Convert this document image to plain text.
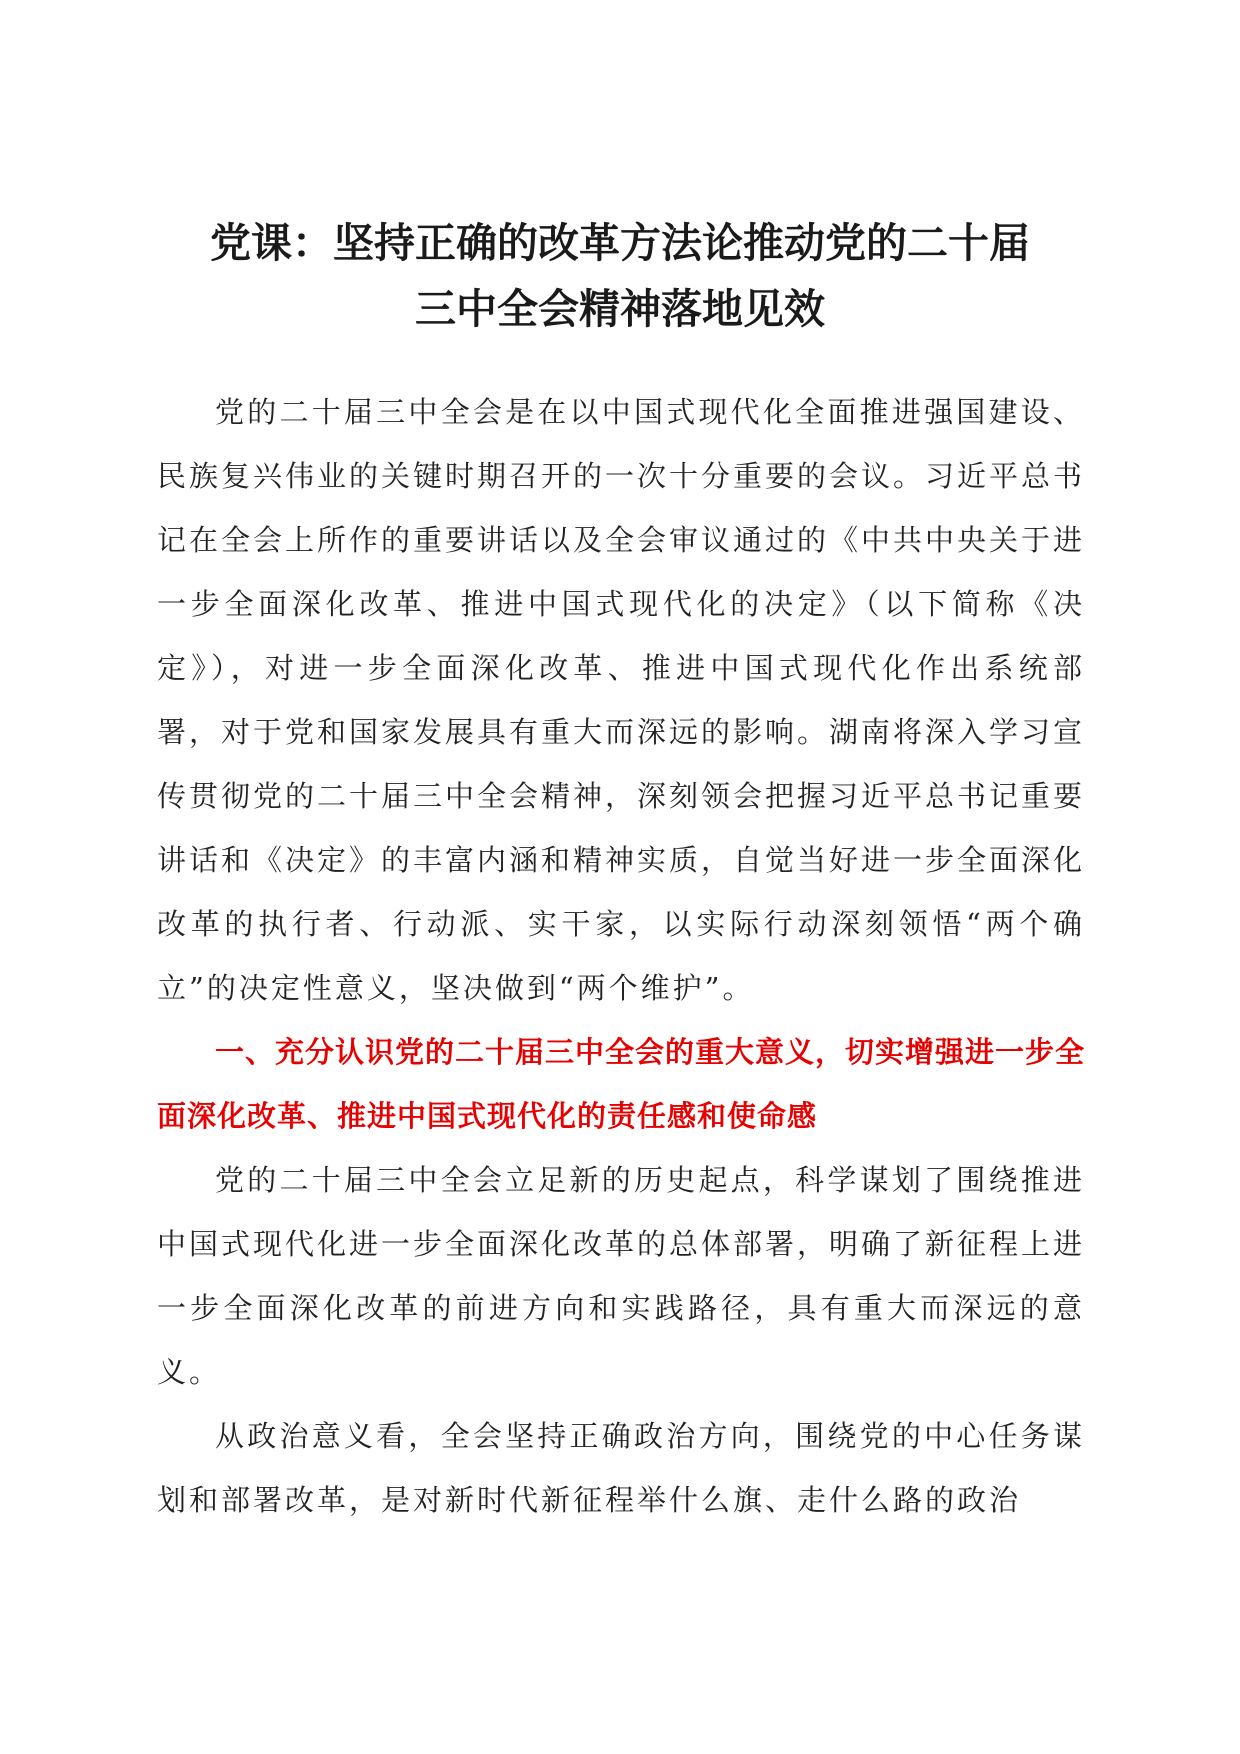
党课：坚持正确的改革方法论推动党的二十届
三中全会精神落地见效

党的二十届三中全会是在以中国式现代化全面推进强国建设、民族复兴伟业的关键时期召开的一次十分重要的会议。习近平总书记在全会上所作的重要讲话以及全会审议通过的《中共中央关于进一步全面深化改革、推进中国式现代化的决定》（以下简称《决定》），对进一步全面深化改革、推进中国式现代化作出系统部署，对于党和国家发展具有重大而深远的影响。湖南将深入学习宣传贯彻党的二十届三中全会精神，深刻领会把握习近平总书记重要讲话和《决定》的丰富内涵和精神实质，自觉当好进一步全面深化改革的执行者、行动派、实干家，以实际行动深刻领悟“两个确立”的决定性意义，坚决做到“两个维护”。

一、充分认识党的二十届三中全会的重大意义，切实增强进一步全面深化改革、推进中国式现代化的责任感和使命感

党的二十届三中全会立足新的历史起点，科学谋划了围绕推进中国式现代化进一步全面深化改革的总体部署，明确了新征程上进一步全面深化改革的前进方向和实践路径，具有重大而深远的意义。

从政治意义看，全会坚持正确政治方向，围绕党的中心任务谋划和部署改革，是对新时代新征程举什么旗、走什么路的政治
